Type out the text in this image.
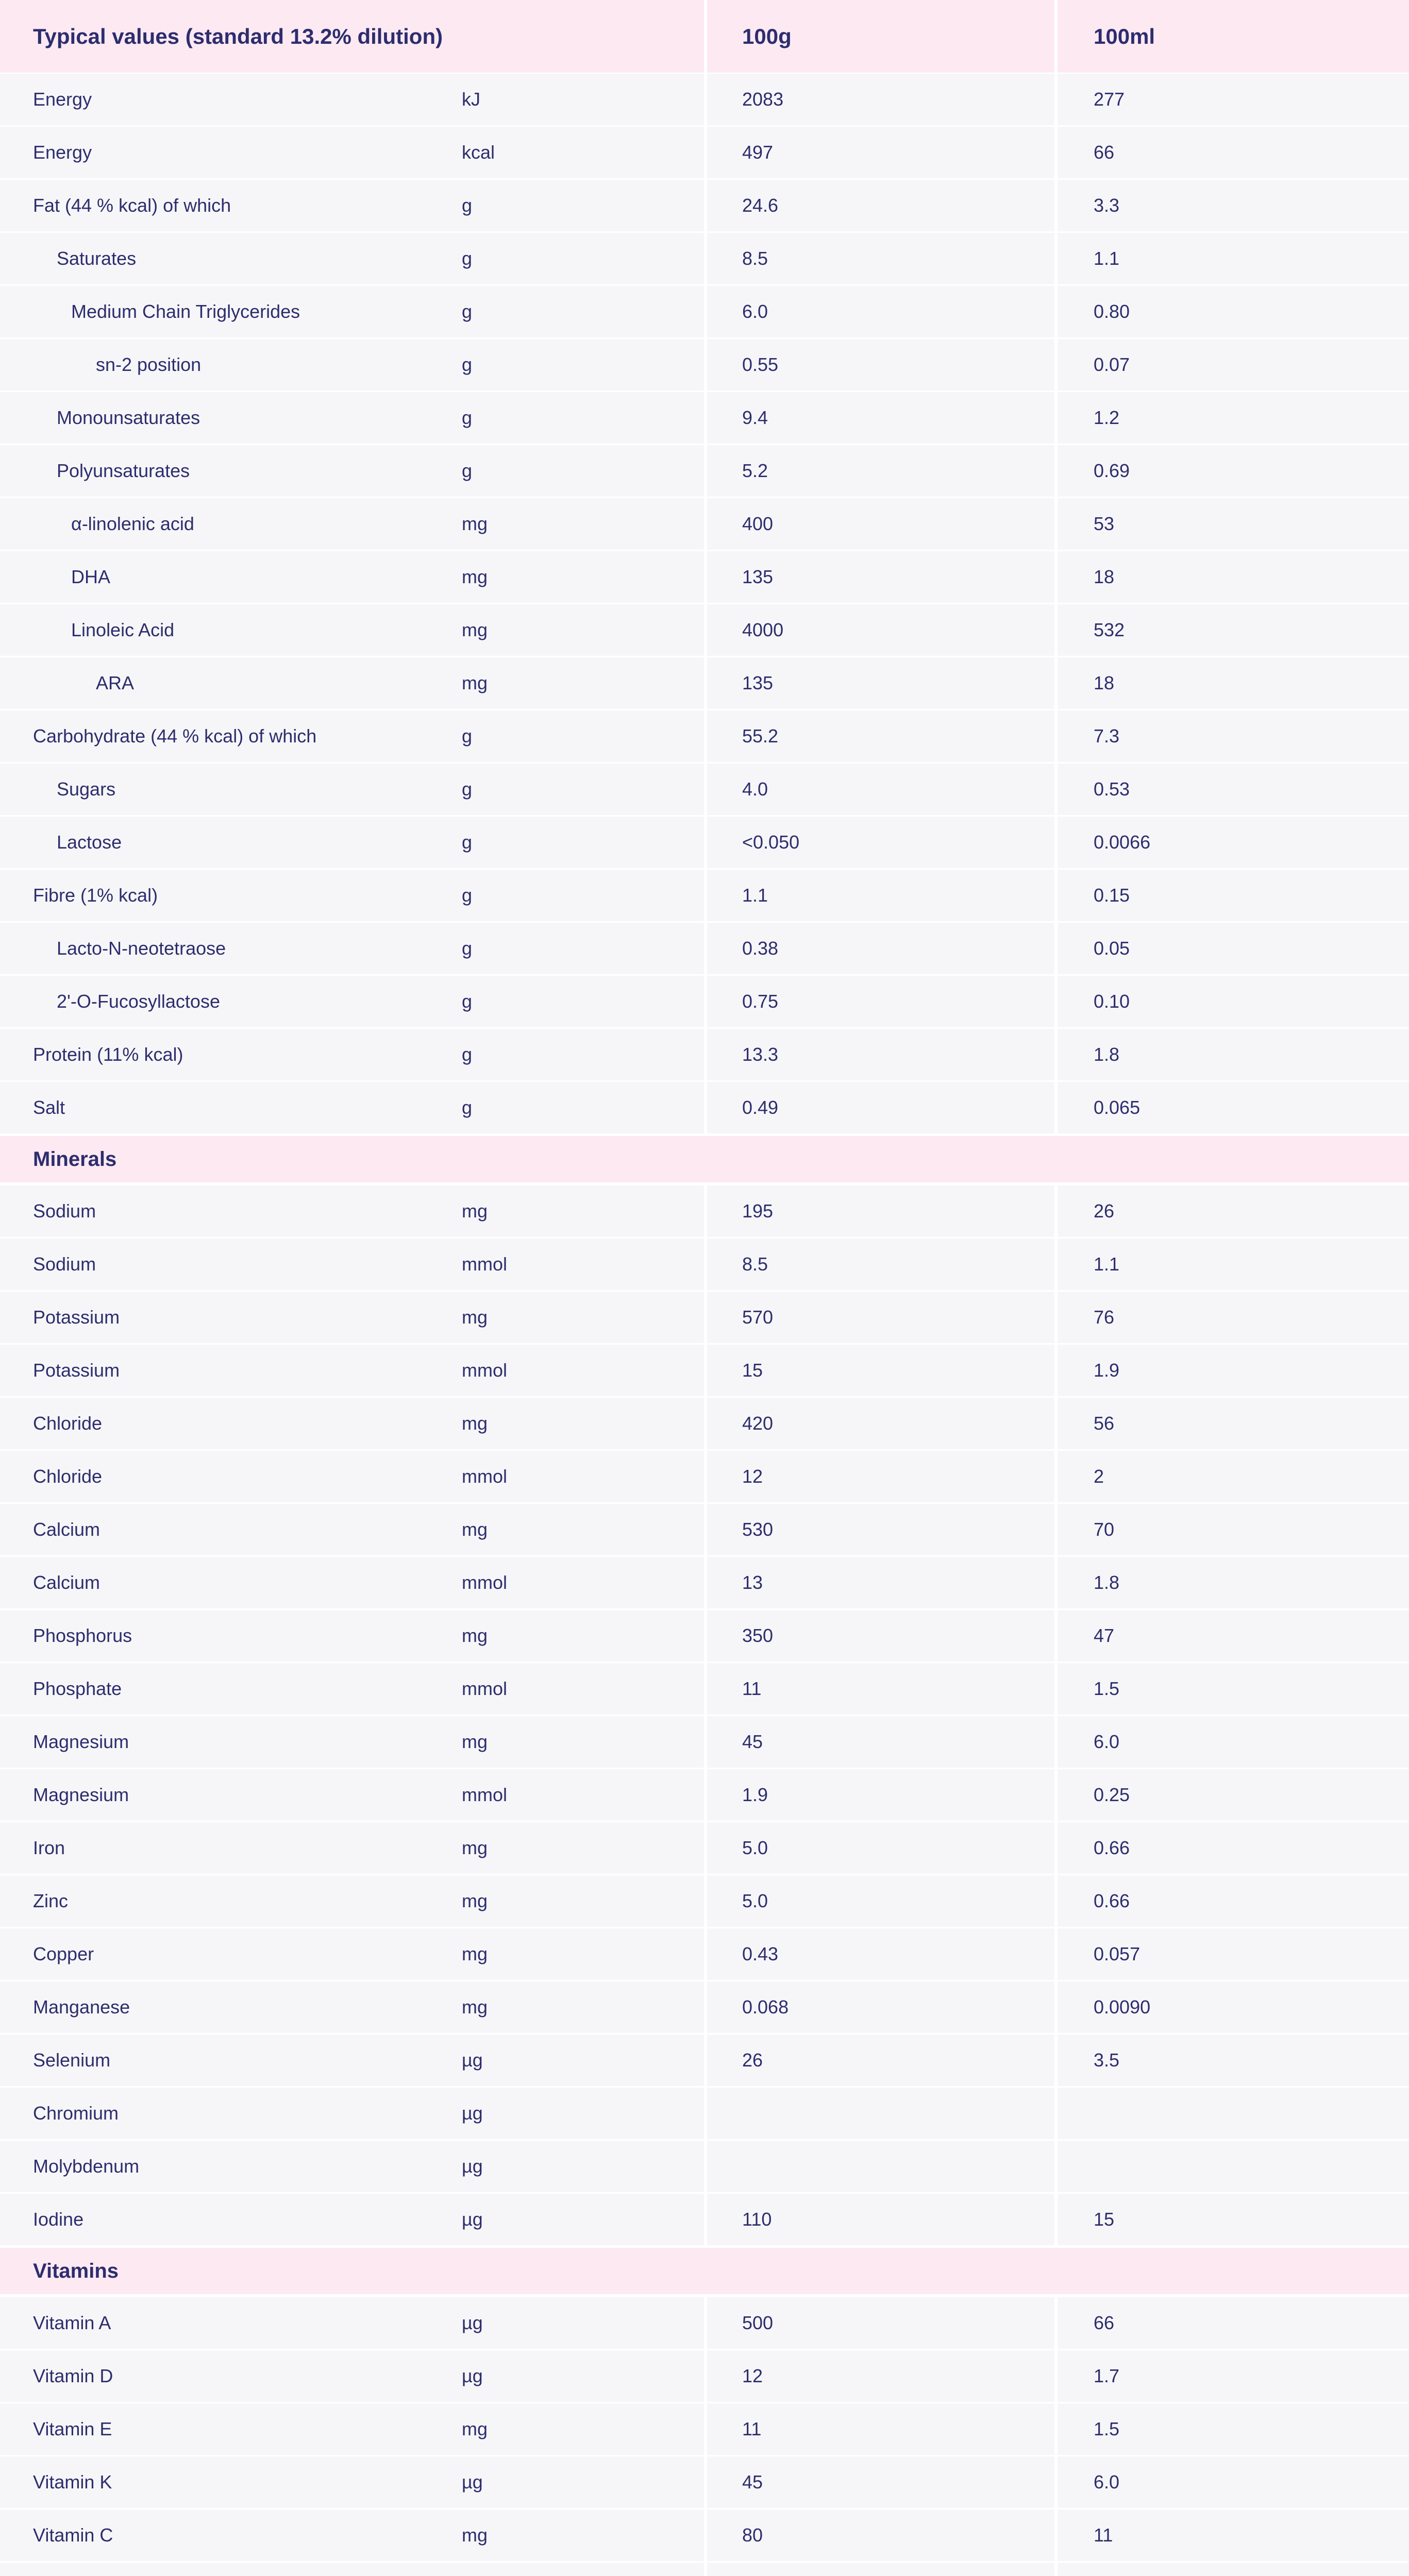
Typical values (standard 13.2% dilution)	100g	100ml
Energy	kJ	2083	277
Energy	kcal	497	66
Fat (44 % kcal) of which	g	24.6	3.3
Saturates	g	8.5	1.1
Medium Chain Triglycerides	g	6.0	0.80
sn-2 position	g	0.55	0.07
Monounsaturates	g	9.4	1.2
Polyunsaturates	g	5.2	0.69
α-linolenic acid	mg	400	53
DHA	mg	135	18
Linoleic Acid	mg	4000	532
ARA	mg	135	18
Carbohydrate (44 % kcal) of which	g	55.2	7.3
Sugars	g	4.0	0.53
Lactose	g	<0.050	0.0066
Fibre (1% kcal)	g	1.1	0.15
Lacto-N-neotetraose	g	0.38	0.05
2'-O-Fucosyllactose	g	0.75	0.10
Protein (11% kcal)	g	13.3	1.8
Salt	g	0.49	0.065
Minerals
Sodium	mg	195	26
Sodium	mmol	8.5	1.1
Potassium	mg	570	76
Potassium	mmol	15	1.9
Chloride	mg	420	56
Chloride	mmol	12	2
Calcium	mg	530	70
Calcium	mmol	13	1.8
Phosphorus	mg	350	47
Phosphate	mmol	11	1.5
Magnesium	mg	45	6.0
Magnesium	mmol	1.9	0.25
Iron	mg	5.0	0.66
Zinc	mg	5.0	0.66
Copper	mg	0.43	0.057
Manganese	mg	0.068	0.0090
Selenium	µg	26	3.5
Chromium	µg
Molybdenum	µg
Iodine	µg	110	15
Vitamins
Vitamin A	µg	500	66
Vitamin D	µg	12	1.7
Vitamin E	mg	11	1.5
Vitamin K	µg	45	6.0
Vitamin C	mg	80	11
